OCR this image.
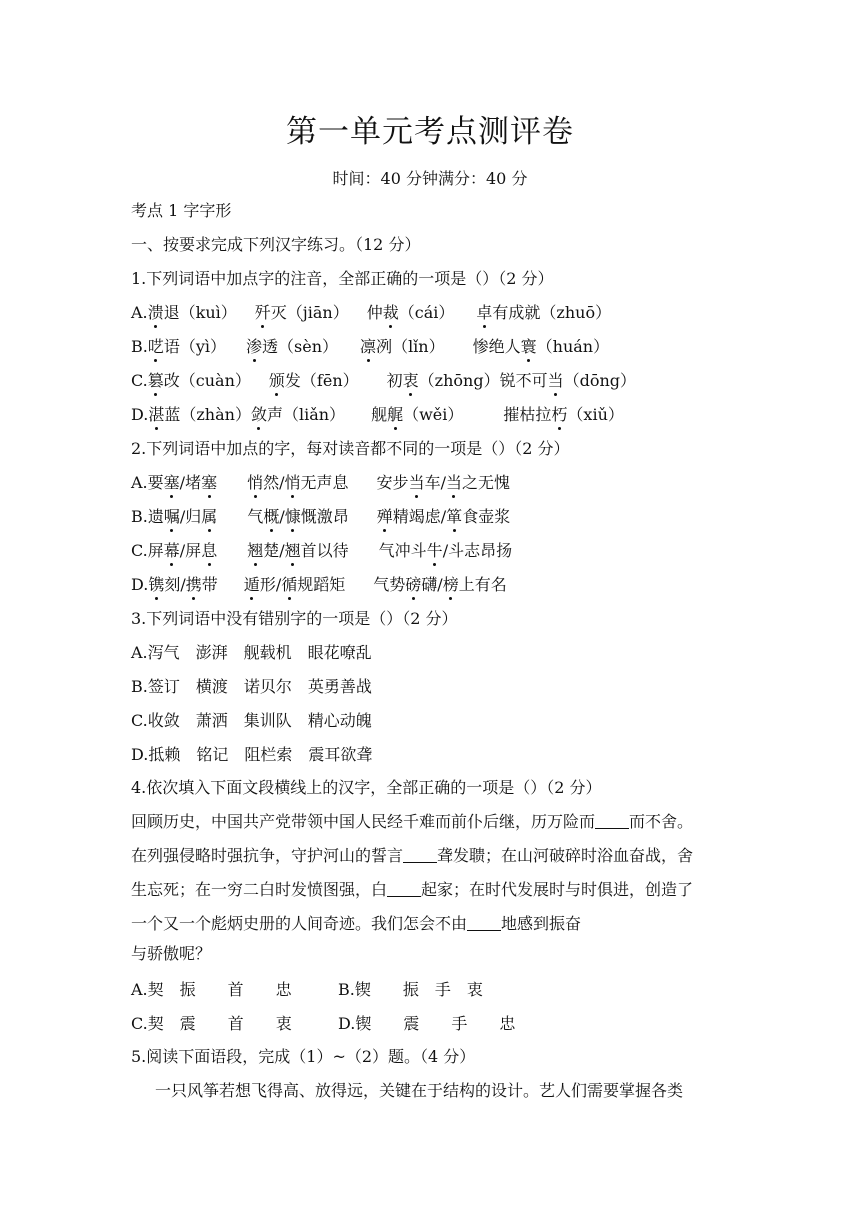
第一单元考点测评卷
时间：40 分钟满分：40 分
考点 1 字字形
一、按要求完成下列汉字练习。（12 分）
1.下列词语中加点字的注音，全部正确的一项是（）（2 分）
A.溃退（kuì） 歼灭（jiān） 仲裁（cái） 卓有成就（zhuō）
B.呓语（yì） 渗透（sèn） 凛冽（lǐn） 惨绝人寰（huán）
C.篡改（cuàn） 颁发（fēn） 初衷（zhōng）锐不可当（dōng）
D.湛蓝（zhàn）敛声（liǎn） 舰艉（wěi）	摧枯拉朽（xiǔ）
2.下列词语中加点的字，每对读音都不同的一项是（）（2 分）
A.要塞/堵塞 悄然/悄无声息 安步当车/当之无愧
B.遗嘱/归属 气概/慷慨激昂 殚精竭虑/箪食壶浆
C.屏幕/屏息 翘楚/翘首以待 气冲斗牛/斗志昂扬
D.镌刻/携带 遁形/循规蹈矩 气势磅礴/榜上有名
3.下列词语中没有错别字的一项是（）（2 分）
A.泻气　澎湃　舰载机　眼花嘹乱
B.签订　横渡　诺贝尔　英勇善战
C.收敛　萧洒　集训队　精心动魄
D.抵赖　铭记　阻栏索　震耳欲聋
4.依次填入下面文段横线上的汉字，全部正确的一项是（）（2 分）
回顾历史，中国共产党带领中国人民经千难而前仆后继，历万险而 而不舍。
在列强侵略时强抗争，守护河山的誓言 聋发聩；在山河破碎时浴血奋战，舍
生忘死；在一穷二白时发愤图强，白 起家；在时代发展时与时俱进，创造了
一个又一个彪炳史册的人间奇迹。我们怎会不由 地感到振奋
与骄傲呢？
A.契　振　　首　　忠	B.锲　　振　手　衷
C.契　震　　首　　衷	D.锲　　震　　手　　忠
5.阅读下面语段，完成（1）~（2）题。（4 分）
一只风筝若想飞得高、放得远，关键在于结构的设计。艺人们需要掌握各类
